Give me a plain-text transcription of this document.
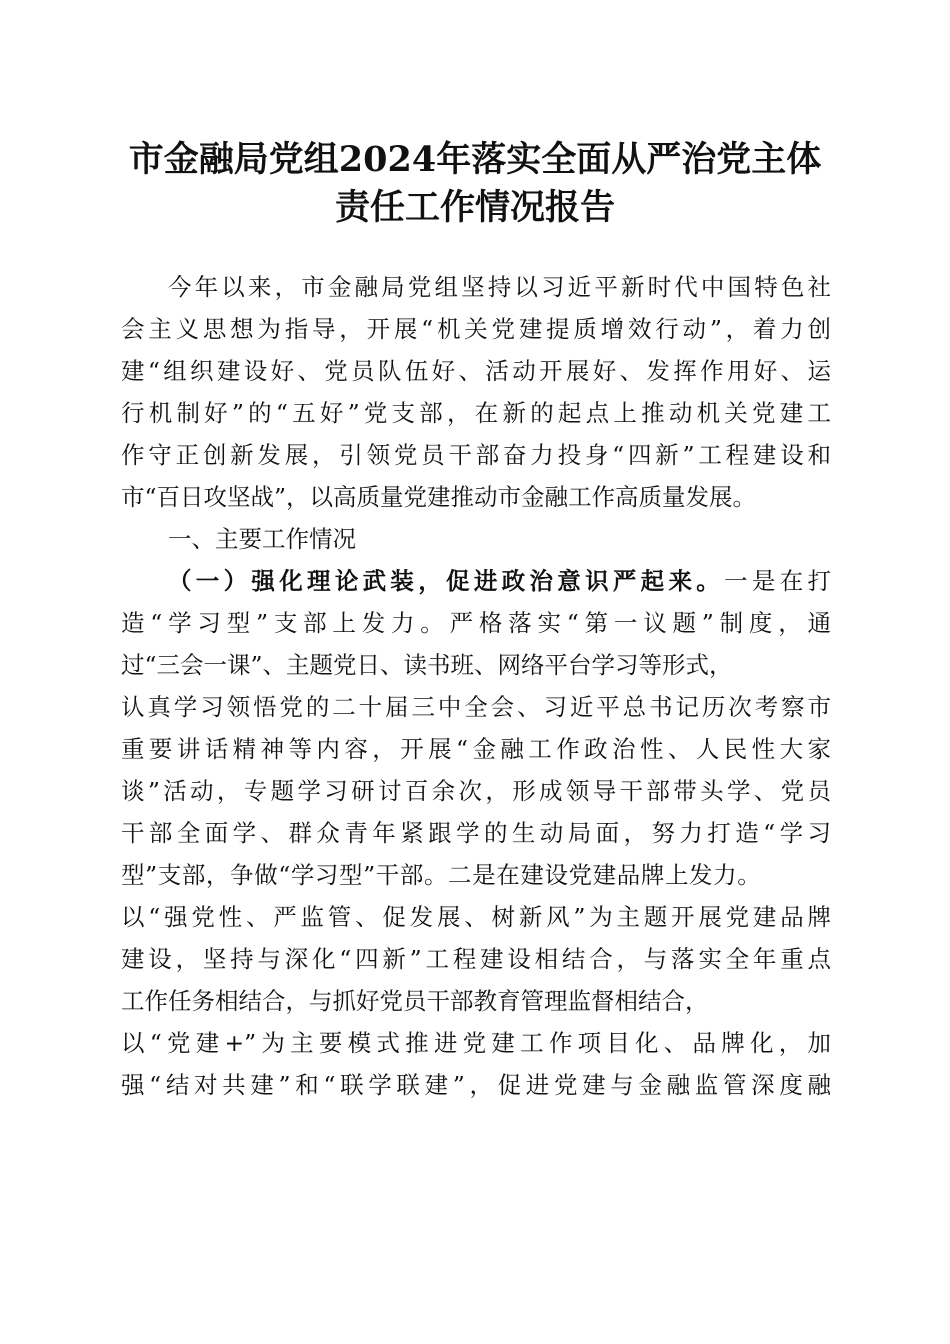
市金融局党组2024年落实全面从严治党主体
责任工作情况报告
今年以来，市金融局党组坚持以习近平新时代中国特色社
会主义思想为指导，开展“机关党建提质增效行动”，着力创
建“组织建设好、党员队伍好、活动开展好、发挥作用好、运
行机制好”的“五好”党支部，在新的起点上推动机关党建工
作守正创新发展，引领党员干部奋力投身“四新”工程建设和
市“百日攻坚战”，以高质量党建推动市金融工作高质量发展。
一、主要工作情况
（一）强化理论武装，促进政治意识严起来。一是在打
造“学习型”支部上发力。严格落实“第一议题”制度，通
过“三会一课”、主题党日、读书班、网络平台学习等形式，
认真学习领悟党的二十届三中全会、习近平总书记历次考察市
重要讲话精神等内容，开展“金融工作政治性、人民性大家
谈”活动，专题学习研讨百余次，形成领导干部带头学、党员
干部全面学、群众青年紧跟学的生动局面，努力打造“学习
型”支部，争做“学习型”干部。二是在建设党建品牌上发力。
以“强党性、严监管、促发展、树新风”为主题开展党建品牌
建设，坚持与深化“四新”工程建设相结合，与落实全年重点
工作任务相结合，与抓好党员干部教育管理监督相结合，
以“党建+”为主要模式推进党建工作项目化、品牌化，加
强“结对共建”和“联学联建”，促进党建与金融监管深度融
